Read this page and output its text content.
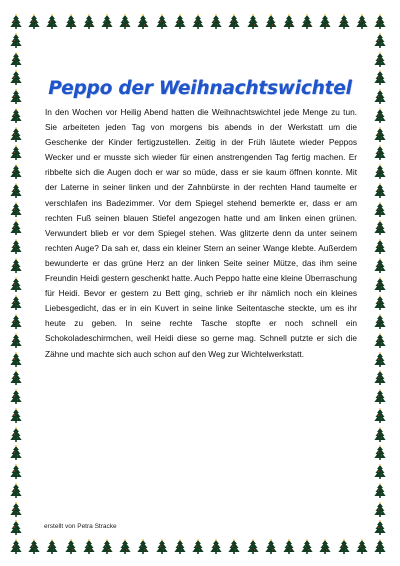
Peppo der Weihnachtswichtel

In den Wochen vor Heilig Abend hatten die Weihnachtswichtel jede Menge zu tun. Sie arbeiteten jeden Tag von morgens bis abends in der Werkstatt um die Geschenke der Kinder fertigzustellen. Zeitig in der Früh läutete wieder Peppos Wecker und er musste sich wieder für einen anstrengenden Tag fertig machen. Er ribbelte sich die Augen doch er war so müde, dass er sie kaum öffnen konnte. Mit der Laterne in seiner linken und der Zahnbürste in der rechten Hand taumelte er verschlafen ins Badezimmer. Vor dem Spiegel stehend bemerkte er, dass er am rechten Fuß seinen blauen Stiefel angezogen hatte und am linken einen grünen. Verwundert blieb er vor dem Spiegel stehen. Was glitzerte denn da unter seinem rechten Auge? Da sah er, dass ein kleiner Stern an seiner Wange klebte. Außerdem bewunderte er das grüne Herz an der linken Seite seiner Mütze, das ihm seine Freundin Heidi gestern geschenkt hatte. Auch Peppo hatte eine kleine Überraschung für Heidi. Bevor er gestern zu Bett ging, schrieb er ihr nämlich noch ein kleines Liebesgedicht, das er in ein Kuvert in seine linke Seitentasche steckte, um es ihr heute zu geben. In seine rechte Tasche stopfte er noch schnell ein Schokoladeschirmchen, weil Heidi diese so gerne mag. Schnell putzte er sich die Zähne und machte sich auch schon auf den Weg zur Wichtelwerkstatt.

erstellt von Petra Stracke
